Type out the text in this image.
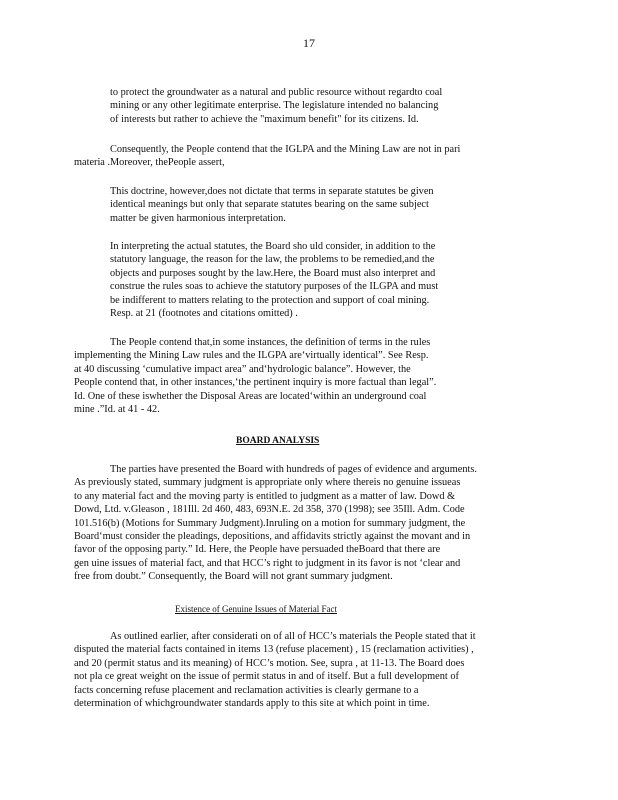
17
to protect the groundwater as a natural and public resource without regardto coal
mining or any other legitimate enterprise. The legislature intended no balancing
of interests but rather to achieve the "maximum benefit" for its citizens. Id.
Consequently, the People contend that the IGLPA and the Mining Law are not in pari
materia .Moreover, thePeople assert,
This doctrine, however,does not dictate that terms in separate statutes be given
identical meanings but only that separate statutes bearing on the same subject
matter be given harmonious interpretation.
In interpreting the actual statutes, the Board sho uld consider, in addition to the
statutory language, the reason for the law, the problems to be remedied,and the
objects and purposes sought by the law.Here, the Board must also interpret and
construe the rules soas to achieve the statutory purposes of the ILGPA and must
be indifferent to matters relating to the protection and support of coal mining.
Resp. at 21 (footnotes and citations omitted) .
The People contend that,in some instances, the definition of terms in the rules
implementing the Mining Law rules and the ILGPA are‘virtually identical”. See Resp.
at 40 discussing ‘cumulative impact area” and‘hydrologic balance”. However, the
People contend that, in other instances,‘the pertinent inquiry is more factual than legal”.
Id. One of these iswhether the Disposal Areas are located‘within an underground coal
mine .”Id. at 41 - 42.
BOARD ANALYSIS
The parties have presented the Board with hundreds of pages of evidence and arguments.
As previously stated, summary judgment is appropriate only where thereis no genuine issueas
to any material fact and the moving party is entitled to judgment as a matter of law. Dowd &
Dowd, Ltd. v.Gleason , 181Ill. 2d 460, 483, 693N.E. 2d 358, 370 (1998); see 35Ill. Adm. Code
101.516(b) (Motions for Summary Judgment).Inruling on a motion for summary judgment, the
Board‘must consider the pleadings, depositions, and affidavits strictly against the movant and in
favor of the opposing party.” Id. Here, the People have persuaded theBoard that there are
gen uine issues of material fact, and that HCC’s right to judgment in its favor is not ‘clear and
free from doubt.” Consequently, the Board will not grant summary judgment.
Existence of Genuine Issues of Material Fact
As outlined earlier, after considerati on of all of HCC’s materials the People stated that it
disputed the material facts contained in items 13 (refuse placement) , 15 (reclamation activities) ,
and 20 (permit status and its meaning) of HCC’s motion. See, supra , at 11-13. The Board does
not pla ce great weight on the issue of permit status in and of itself. But a full development of
facts concerning refuse placement and reclamation activities is clearly germane to a
determination of whichgroundwater standards apply to this site at which point in time.
